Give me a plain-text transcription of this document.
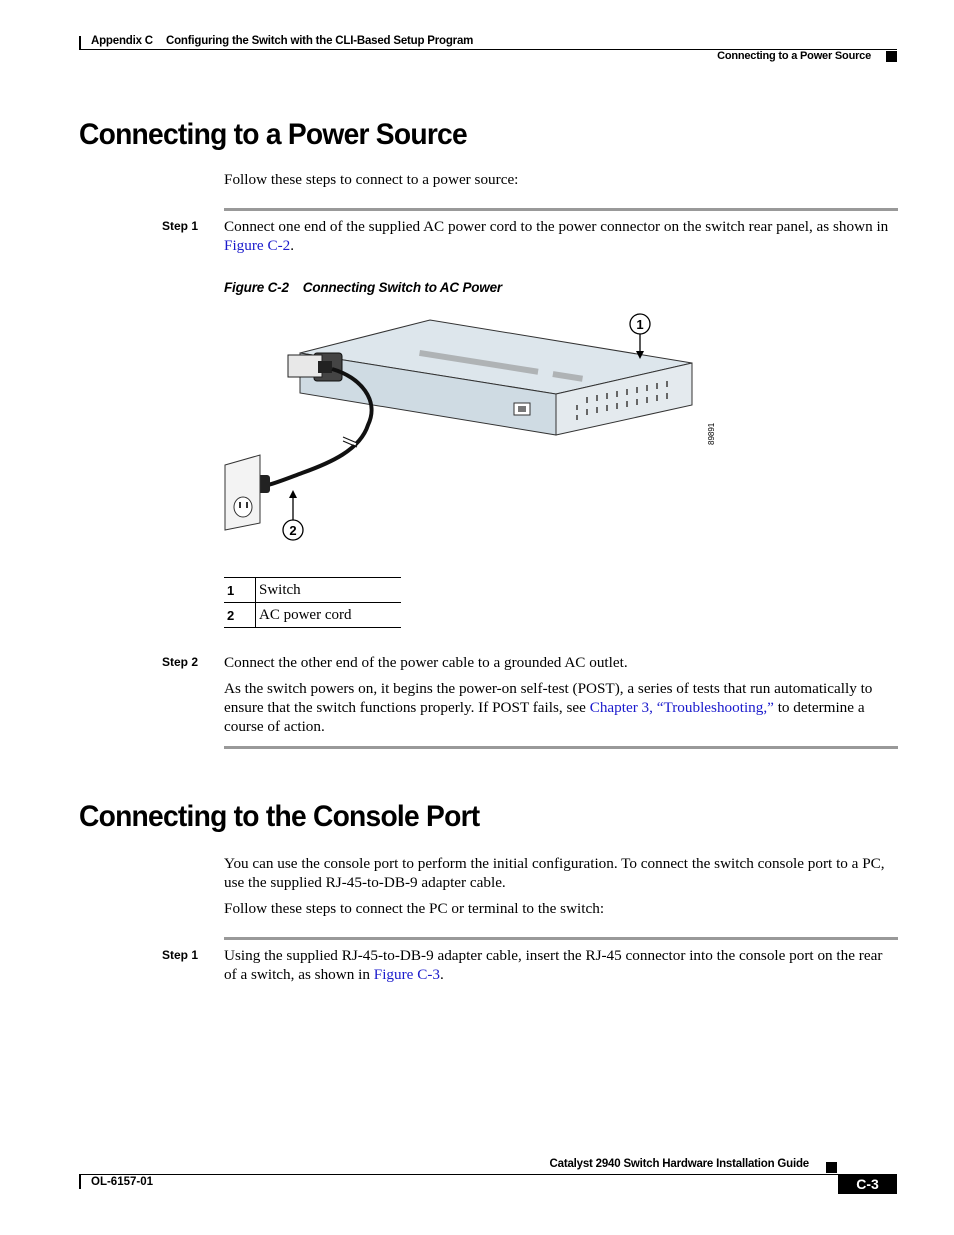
Appendix C Configuring the Switch with the CLI-Based Setup Program
Connecting to a Power Source
Connecting to a Power Source
Follow these steps to connect to a power source:
Step 1 Connect one end of the supplied AC power cord to the power connector on the switch rear panel, as shown in Figure C-2.
Figure C-2 Connecting Switch to AC Power
1
2
89891
1	Switch
2	AC power cord
Step 2 Connect the other end of the power cable to a grounded AC outlet.
As the switch powers on, it begins the power-on self-test (POST), a series of tests that run automatically to ensure that the switch functions properly. If POST fails, see Chapter 3, “Troubleshooting,” to determine a course of action.
Connecting to the Console Port
You can use the console port to perform the initial configuration. To connect the switch console port to a PC, use the supplied RJ-45-to-DB-9 adapter cable.
Follow these steps to connect the PC or terminal to the switch:
Step 1 Using the supplied RJ-45-to-DB-9 adapter cable, insert the RJ-45 connector into the console port on the rear of a switch, as shown in Figure C-3.
Catalyst 2940 Switch Hardware Installation Guide
OL-6157-01	C-3
